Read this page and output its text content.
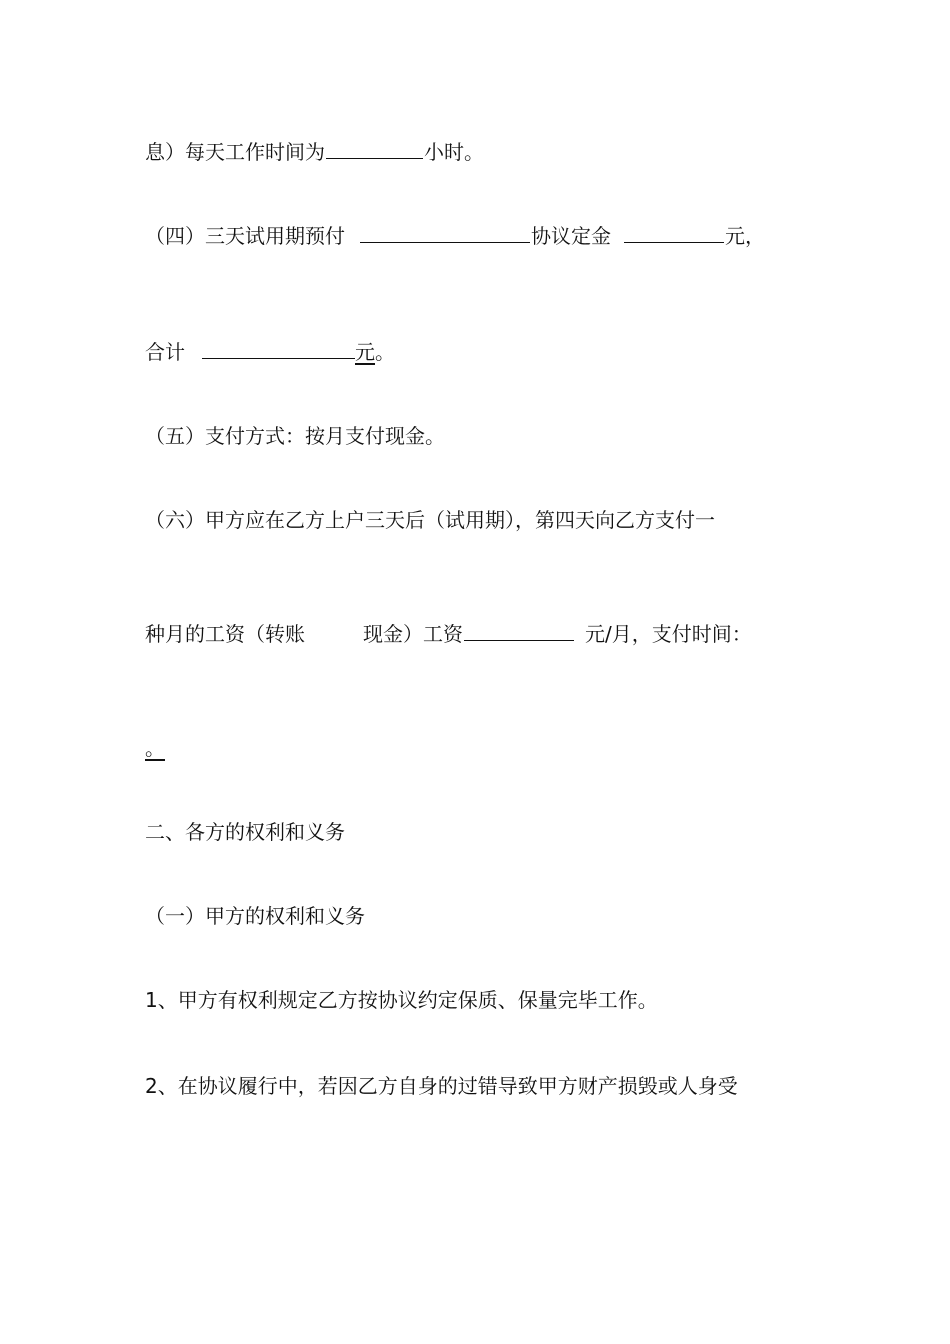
息）每天工作时间为	小时。

（四）三天试用期预付	协议定金	元，

合计	元。

（五）支付方式：按月支付现金。

（六）甲方应在乙方上户三天后（试用期），第四天向乙方支付一

种月的工资（转账	现金）工资	元/月，支付时间：

。

二、各方的权利和义务

（一）甲方的权利和义务

1、甲方有权利规定乙方按协议约定保质、保量完毕工作。

2、在协议履行中，若因乙方自身的过错导致甲方财产损毁或人身受
